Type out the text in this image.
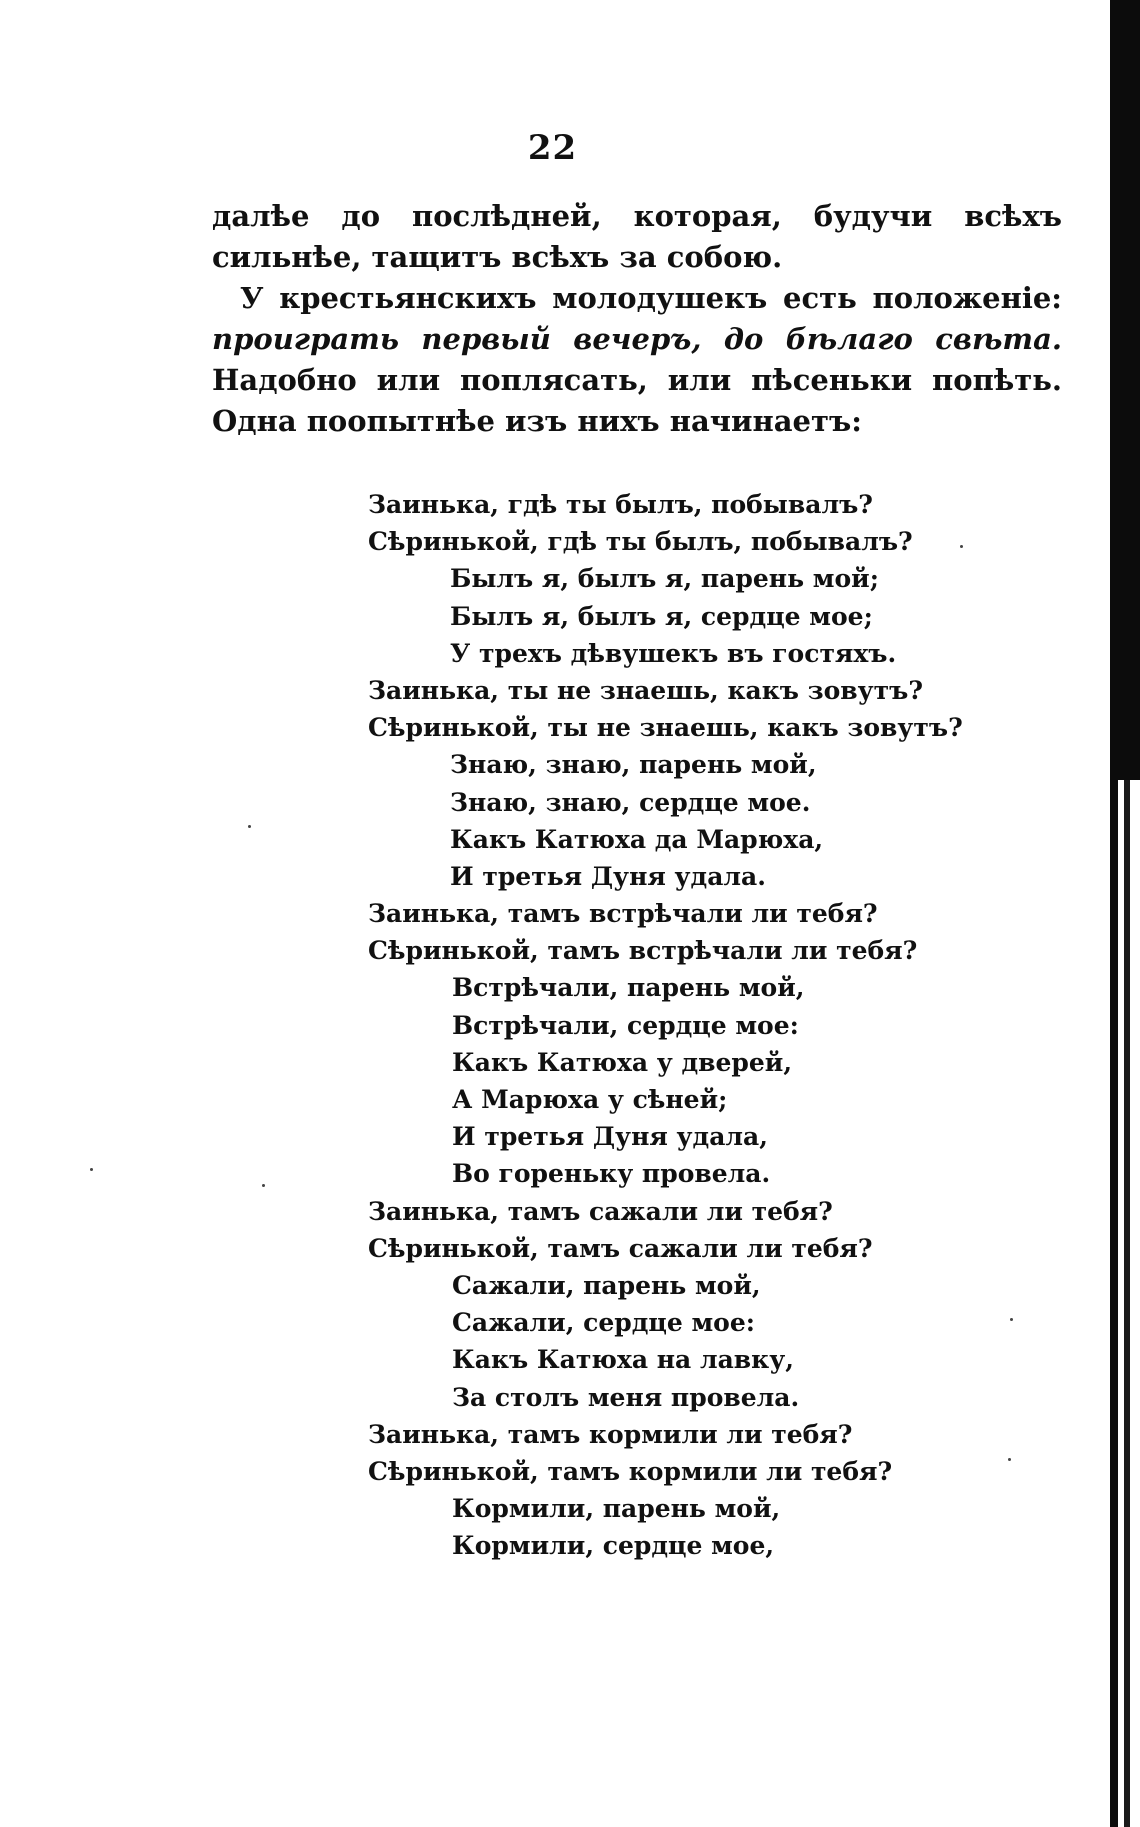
22

далѣе до послѣдней, которая, будучи всѣхъ сильнѣе, тащитъ всѣхъ за собою.

У крестьянскихъ молодушекъ есть положеніе: проиграть первый вечеръ, до бѣлаго свѣта. Надобно или поплясать, или пѣсеньки попѣть. Одна поопытнѣе изъ нихъ начинаетъ:

Заинька, гдѣ ты былъ, побывалъ?
Сѣринькой, гдѣ ты былъ, побывалъ?
Былъ я, былъ я, парень мой;
Былъ я, былъ я, сердце мое;
У трехъ дѣвушекъ въ гостяхъ.
Заинька, ты не знаешь, какъ зовутъ?
Сѣринькой, ты не знаешь, какъ зовутъ?
Знаю, знаю, парень мой,
Знаю, знаю, сердце мое.
Какъ Катюха да Марюха,
И третья Дуня удала.
Заинька, тамъ встрѣчали ли тебя?
Сѣринькой, тамъ встрѣчали ли тебя?
Встрѣчали, парень мой,
Встрѣчали, сердце мое:
Какъ Катюха у дверей,
А Марюха у сѣней;
И третья Дуня удала,
Во гореньку провела.
Заинька, тамъ сажали ли тебя?
Сѣринькой, тамъ сажали ли тебя?
Сажали, парень мой,
Сажали, сердце мое:
Какъ Катюха на лавку,
За столъ меня провела.
Заинька, тамъ кормили ли тебя?
Сѣринькой, тамъ кормили ли тебя?
Кормили, парень мой,
Кормили, сердце мое,
